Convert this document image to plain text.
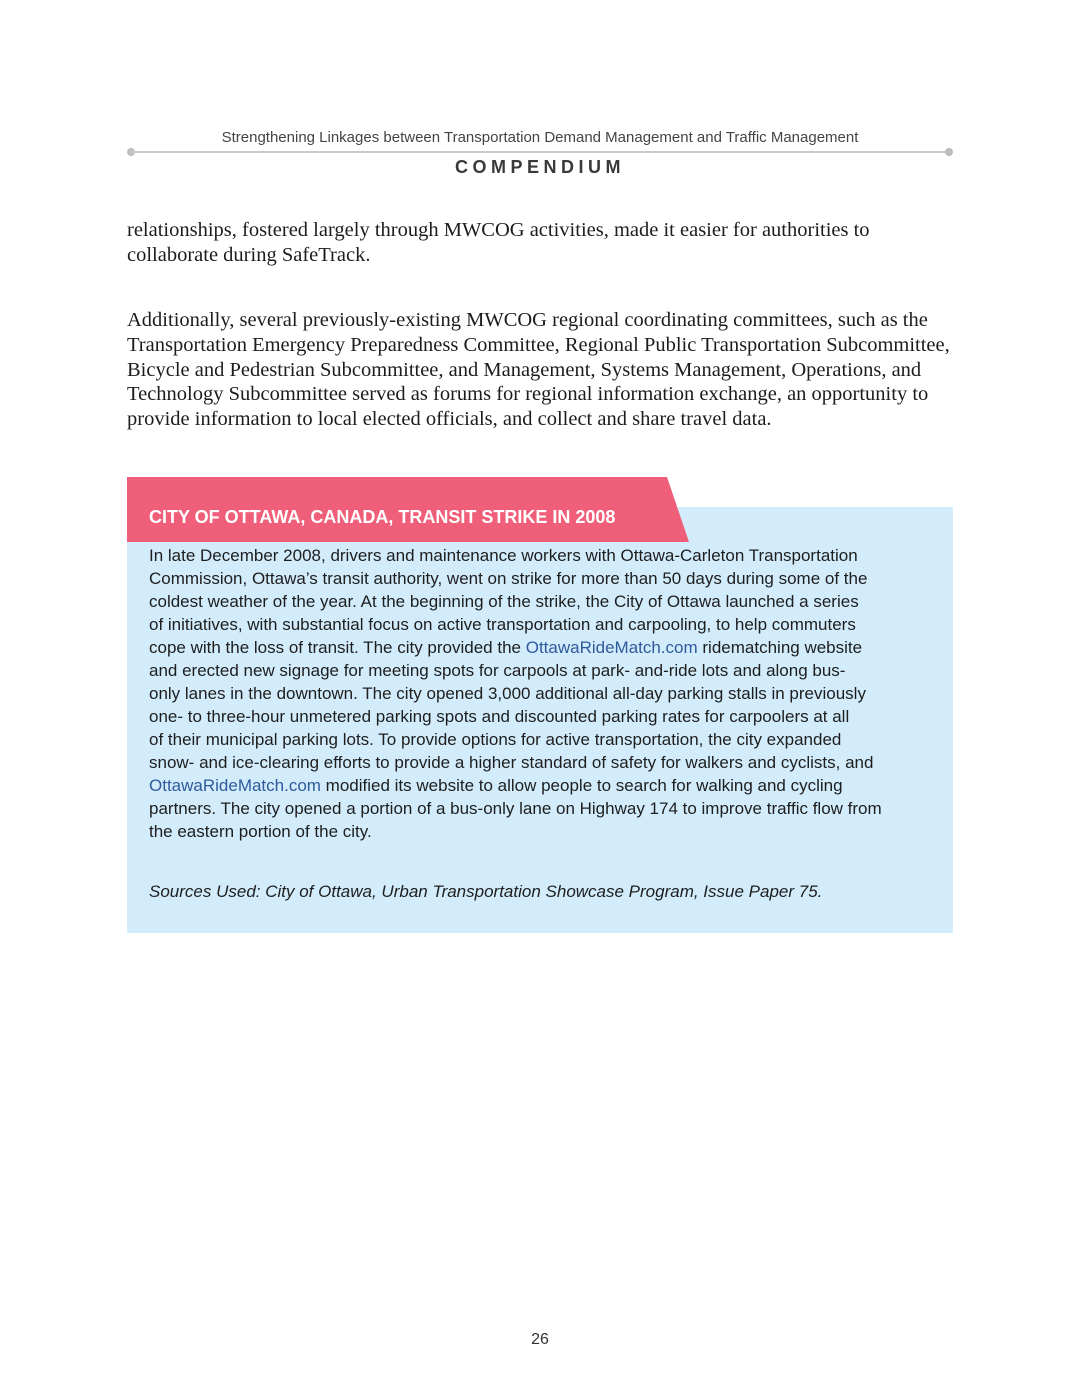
Strengthening Linkages between Transportation Demand Management and Traffic Management
COMPENDIUM

relationships, fostered largely through MWCOG activities, made it easier for authorities to collaborate during SafeTrack.

Additionally, several previously-existing MWCOG regional coordinating committees, such as the Transportation Emergency Preparedness Committee, Regional Public Transportation Subcommittee, Bicycle and Pedestrian Subcommittee, and Management, Systems Management, Operations, and Technology Subcommittee served as forums for regional information exchange, an opportunity to provide information to local elected officials, and collect and share travel data.

CITY OF OTTAWA, CANADA, TRANSIT STRIKE IN 2008
In late December 2008, drivers and maintenance workers with Ottawa-Carleton Transportation
Commission, Ottawa’s transit authority, went on strike for more than 50 days during some of the
coldest weather of the year. At the beginning of the strike, the City of Ottawa launched a series
of initiatives, with substantial focus on active transportation and carpooling, to help commuters
cope with the loss of transit. The city provided the OttawaRideMatch.com ridematching website
and erected new signage for meeting spots for carpools at park- and-ride lots and along bus-
only lanes in the downtown. The city opened 3,000 additional all-day parking stalls in previously
one- to three-hour unmetered parking spots and discounted parking rates for carpoolers at all
of their municipal parking lots. To provide options for active transportation, the city expanded
snow- and ice-clearing efforts to provide a higher standard of safety for walkers and cyclists, and
OttawaRideMatch.com modified its website to allow people to search for walking and cycling
partners. The city opened a portion of a bus-only lane on Highway 174 to improve traffic flow from
the eastern portion of the city.
Sources Used: City of Ottawa, Urban Transportation Showcase Program, Issue Paper 75.
26
